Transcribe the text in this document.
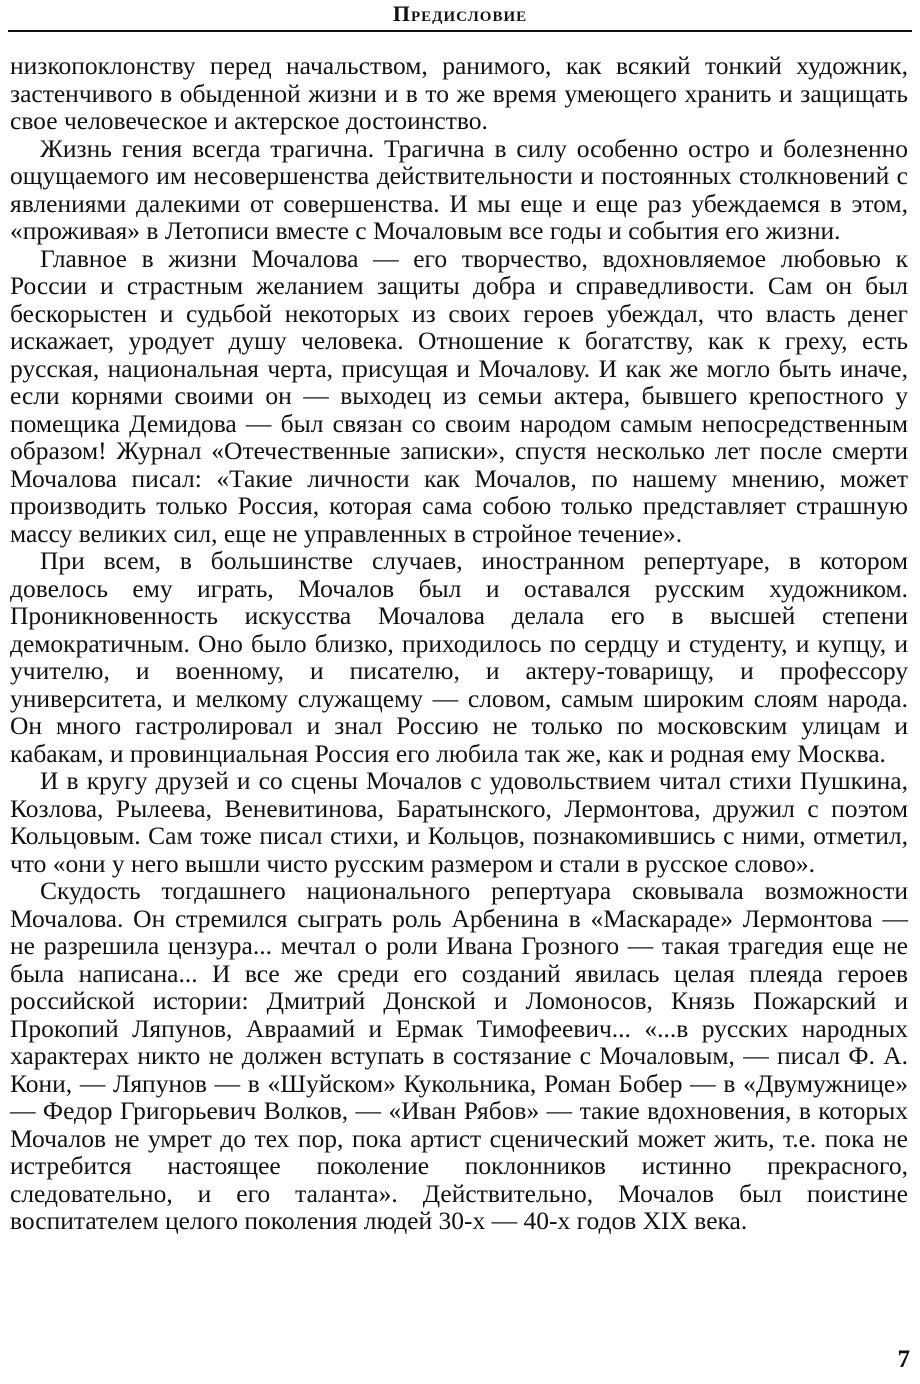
Предисловие

низкопоклонству перед начальством, ранимого, как всякий тонкий художник, застенчивого в обыденной жизни и в то же время умеющего хранить и защищать свое человеческое и актерское достоинство.

Жизнь гения всегда трагична. Трагична в силу особенно остро и болезненно ощущаемого им несовершенства действительности и постоянных столкновений с явлениями далекими от совершенства. И мы еще и еще раз убеждаемся в этом, «проживая» в Летописи вместе с Мочаловым все годы и события его жизни.

Главное в жизни Мочалова — его творчество, вдохновляемое любовью к России и страстным желанием защиты добра и справедливости. Сам он был бескорыстен и судьбой некоторых из своих героев убеждал, что власть денег искажает, уродует душу человека. Отношение к богатству, как к греху, есть русская, национальная черта, присущая и Мочалову. И как же могло быть иначе, если корнями своими он — выходец из семьи актера, бывшего крепостного у помещика Демидова — был связан со своим народом самым непосредственным образом! Журнал «Отечественные записки», спустя несколько лет после смерти Мочалова писал: «Такие личности как Мочалов, по нашему мнению, может производить только Россия, которая сама собою только представляет страшную массу великих сил, еще не управленных в стройное течение».

При всем, в большинстве случаев, иностранном репертуаре, в котором довелось ему играть, Мочалов был и оставался русским художником. Проникновенность искусства Мочалова делала его в высшей степени демократичным. Оно было близко, приходилось по сердцу и студенту, и купцу, и учителю, и военному, и писателю, и актеру-товарищу, и профессору университета, и мелкому служащему — словом, самым широким слоям народа. Он много гастролировал и знал Россию не только по московским улицам и кабакам, и провинциальная Россия его любила так же, как и родная ему Москва.

И в кругу друзей и со сцены Мочалов с удовольствием читал стихи Пушкина, Козлова, Рылеева, Веневитинова, Баратынского, Лермонтова, дружил с поэтом Кольцовым. Сам тоже писал стихи, и Кольцов, познакомившись с ними, отметил, что «они у него вышли чисто русским размером и стали в русское слово».

Скудость тогдашнего национального репертуара сковывала возможности Мочалова. Он стремился сыграть роль Арбенина в «Маскараде» Лермонтова — не разрешила цензура... мечтал о роли Ивана Грозного — такая трагедия еще не была написана... И все же среди его созданий явилась целая плеяда героев российской истории: Дмитрий Донской и Ломоносов, Князь Пожарский и Прокопий Ляпунов, Авраамий и Ермак Тимофеевич... «...в русских народных характерах никто не должен вступать в состязание с Мочаловым, — писал Ф. А. Кони, — Ляпунов — в «Шуйском» Кукольника, Роман Бобер — в «Двумужнице» — Федор Григорьевич Волков, — «Иван Рябов» — такие вдохновения, в которых Мочалов не умрет до тех пор, пока артист сценический может жить, т.е. пока не истребится настоящее поколение поклонников истинно прекрасного, следовательно, и его таланта». Действительно, Мочалов был поистине воспитателем целого поколения людей 30-х — 40-х годов XIX века.

7
